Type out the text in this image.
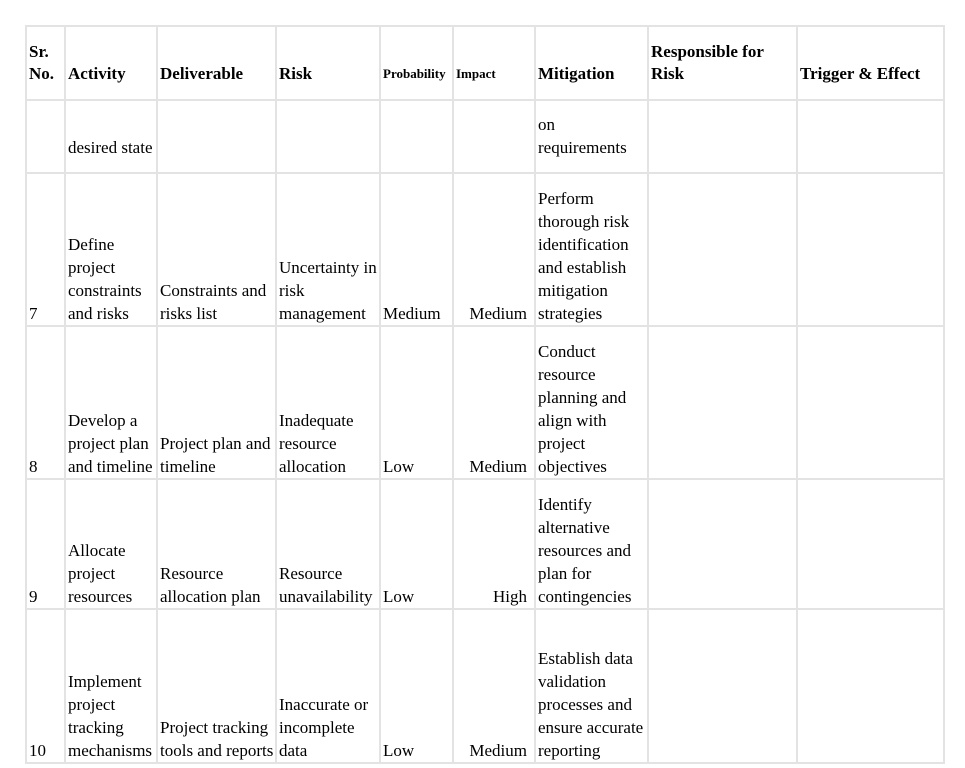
Sr. No.	Activity	Deliverable	Risk	Probability	Impact	Mitigation	Responsible for Risk	Trigger & Effect

	desired state					on requirements		

7	Define project constraints and risks	Constraints and risks list	Uncertainty in risk management	Medium	Medium	Perform thorough risk identification and establish mitigation strategies		

8	Develop a project plan and timeline	Project plan and timeline	Inadequate resource allocation	Low	Medium	Conduct resource planning and align with project objectives		

9	Allocate project resources	Resource allocation plan	Resource unavailability	Low	High	Identify alternative resources and plan for contingencies		

10	Implement project tracking mechanisms	Project tracking tools and reports	Inaccurate or incomplete data	Low	Medium	Establish data validation processes and ensure accurate reporting		
